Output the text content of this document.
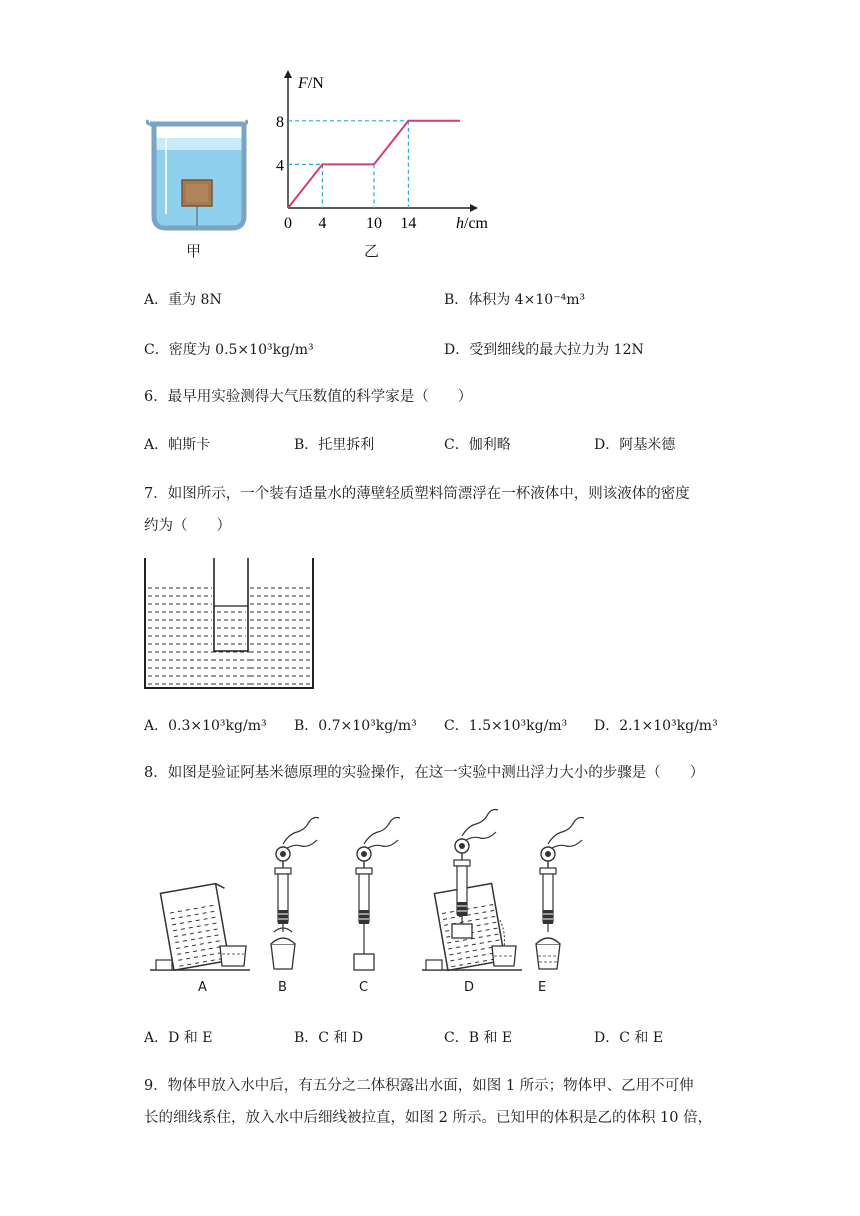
甲
F/N
h/cm
8
4
0 4 10 14
乙
A．重为 8N	B．体积为 4×10⁻⁴m³
C．密度为 0.5×10³kg/m³	D．受到细线的最大拉力为 12N
6．最早用实验测得大气压数值的科学家是（　　）
A．帕斯卡	B．托里拆利	C．伽利略	D．阿基米德
7．如图所示，一个装有适量水的薄壁轻质塑料筒漂浮在一杯液体中，则该液体的密度
约为（　　）
A．0.3×10³kg/m³ B．0.7×10³kg/m³ C．1.5×10³kg/m³ D．2.1×10³kg/m³
8．如图是验证阿基米德原理的实验操作，在这一实验中测出浮力大小的步骤是（　　）
A	B	C	D	E
A．D 和 E	B．C 和 D	C．B 和 E	D．C 和 E
9．物体甲放入水中后，有五分之二体积露出水面，如图 1 所示；物体甲、乙用不可伸
长的细线系住，放入水中后细线被拉直，如图 2 所示。已知甲的体积是乙的体积 10 倍，
